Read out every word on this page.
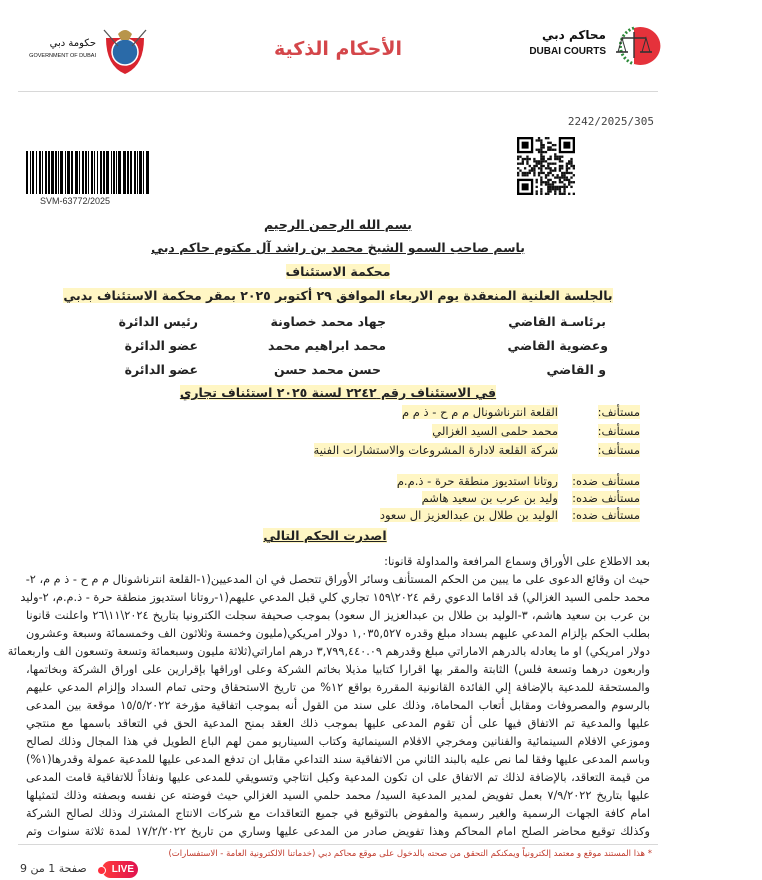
محاكم دبي
DUBAI COURTS
الأحكام الذكية
حكومة دبي
GOVERNMENT OF DUBAI
2242/2025/305
SVM-63772/2025
بسم الله الرحمن الرحيم
باسم صاحب السمو الشيخ محمد بن راشد آل مكتوم حاكم دبي
محكمة الاستئناف
بالجلسة العلنية المنعقدة يوم الاربعاء الموافق ٢٩ أكتوبر ٢٠٢٥ بمقر محكمة الاستئناف بدبي
برئاسـة القاضي
جهاد محمد خصاونة
رئيس الدائرة
وعضوية القاضي
محمد ابراهيم محمد
عضو الدائرة
و القاضي
حسن محمد حسن
عضو الدائرة
في الاستئناف رقم ٢٢٤٢ لسنة ٢٠٢٥ استئناف تجاري
مستأنف:
القلعة انترناشونال م م ح - ذ م م
مستأنف:
محمد حلمى السيد الغزالي
مستأنف:
شركة القلعة لادارة المشروعات والاستشارات الفنية
مستأنف ضده:
روتانا استديوز منطقة حرة - ذ.م.م
مستأنف ضده:
وليد بن عرب بن سعيد هاشم
مستأنف ضده:
الوليد بن طلال بن عبدالعزيز ال سعود
اصدرت الحكم التالي
بعد الاطلاع على الأوراق وسماع المرافعة والمداولة قانونا:
حيث ان وقائع الدعوى على ما يبين من الحكم المستأنف وسائر الأوراق تتحصل في ان المدعيين(١-القلعة انترناشونال م م ح - ذ م م، ٢-
محمد حلمى السيد الغزالي) قد اقاما الدعوي رقم ٢٠٢٤\١٥٩ تجاري كلي قبل المدعي عليهم(١-روتانا استديوز منطقة حرة - ذ.م.م، ٢-وليد
بن عرب بن سعيد هاشم، ٣-الوليد بن طلال بن عبدالعزيز ال سعود) بموجب صحيفة سجلت الكترونيا بتاريخ ٢٠٢٤\١١\٢٦ واعلنت قانونا
بطلب الحكم بإلزام المدعي عليهم بسداد مبلغ وقدره ١,٠٣٥,٥٢٧ دولار امريكي(مليون وخمسة وثلاثون الف وخمسمائة وسبعة وعشرون
دولار امريكي) او ما يعادله بالدرهم الاماراتي مبلغ وقدرهم ٣,٧٩٩,٤٤٠.٠٩ درهم اماراتي(ثلاثة مليون وسبعمائة وتسعة وتسعون الف واربعمائة
واربعون درهما وتسعة فلس) الثابتة والمقر بها اقرارا كتابيا مذيلا بخاتم الشركة وعلى اوراقها بإقرارين على اوراق الشركة وبخاتمها،
والمستحقة للمدعية بالإضافة إلي الفائدة القانونية المقررة بواقع ١٢% من تاريخ الاستحقاق وحتى تمام السداد وإلزام المدعي عليهم
بالرسوم والمصروفات ومقابل أتعاب المحاماة، وذلك على سند من القول أنه بموجب اتفاقية مؤرخة ١٥/٥/٢٠٢٢ موقعة بين المدعى
عليها والمدعية تم الاتفاق فيها على أن تقوم المدعى عليها بموجب ذلك العقد بمنح المدعية الحق في التعاقد باسمها مع منتجي
وموزعي الافلام السينمائية والفنانين ومخرجي الافلام السينمائية وكتاب السيناريو ممن لهم الباع الطويل في هذا المجال وذلك لصالح
وباسم المدعى عليها وفقا لما نص عليه بالبند الثاني من الاتفاقية سند التداعي مقابل ان تدفع المدعى عليها للمدعية عمولة وقدرها(١%)
من قيمة التعاقد، بالإضافة لذلك تم الاتفاق على ان تكون المدعية وكيل انتاجي وتسويقي للمدعى عليها ونفاذاً للاتفاقية قامت المدعى
عليها بتاريخ ٧/٩/٢٠٢٢ بعمل تفويض لمدير المدعية السيد/ محمد حلمي السيد الغزالي حيث فوضته عن نفسه وبصفته وذلك لتمثيلها
امام كافة الجهات الرسمية والغير رسمية والمفوض بالتوقيع في جميع التعاقدات مع شركات الانتاج المشترك وذلك لصالح الشركة
وكذلك توقيع محاضر الصلح امام المحاكم وهذا تفويض صادر من المدعى عليها وساري من تاريخ ١٧/٢/٢٠٢٢ لمدة ثلاثة سنوات وتم
* هذا المستند موقع و معتمد إلكترونياً ويمكنكم التحقق من صحته بالدخول على موقع محاكم دبي (خدماتنا الالكترونية العامة - الاستفسارات)
صفحة 1 من 9	LIVE
